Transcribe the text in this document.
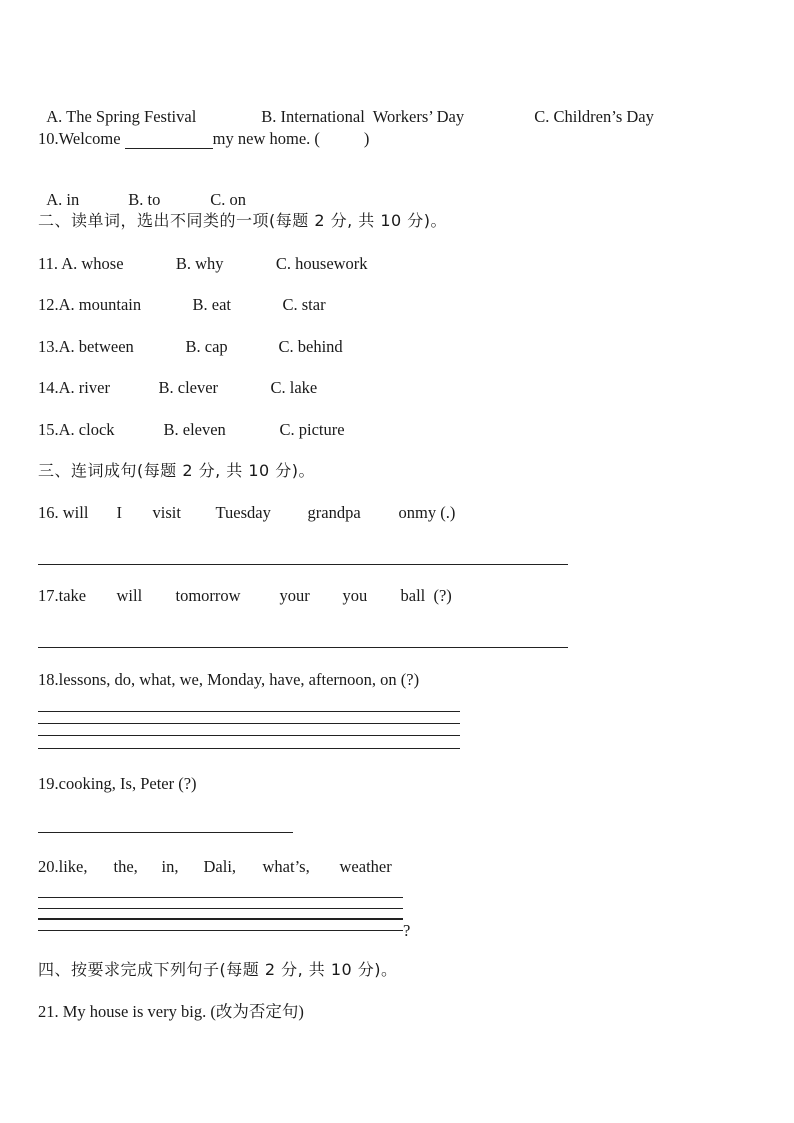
A. The Spring Festival	B. International  Workers’ Day	C. Children’s Day

10.Welcome	my new home. (	)

A. in	B. to	C. on

二、读单词，选出不同类的一项(每题 2 分, 共 10 分)。
11. A. whose	B. why	C. housework
12.A. mountain	B. eat	C. star
13.A. between	B. cap	C. behind
14.A. river	B. clever	C. lake
15.A. clock	B. eleven	C. picture
三、连词成句(每题 2 分, 共 10 分)。
16. will I visit Tuesday grandpa onmy (.)
17.take will tomorrow your you ball  (?)
18.lessons, do, what, we, Monday, have, afternoon, on (?)
19.cooking, Is, Peter (?)
20.like, the, in, Dali, what’s, weather
?
四、按要求完成下列句子(每题 2 分, 共 10 分)。
21. My house is very big. (改为否定句)
